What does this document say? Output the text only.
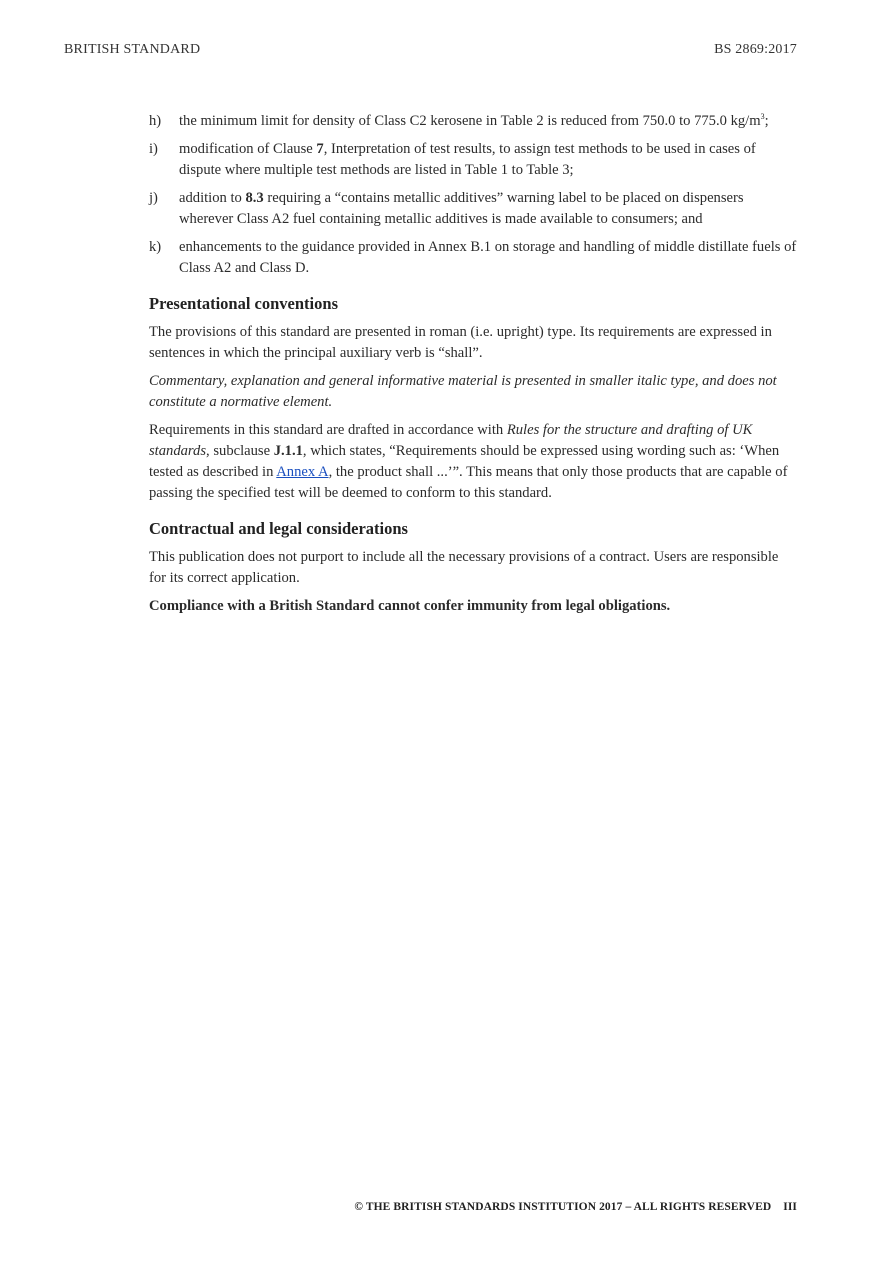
BRITISH STANDARD	BS 2869:2017
h)	the minimum limit for density of Class C2 kerosene in Table 2 is reduced from 750.0 to 775.0 $kg/m^3$;
i)	modification of Clause 7, Interpretation of test results, to assign test methods to be used in cases of dispute where multiple test methods are listed in Table 1 to Table 3;
j)	addition to 8.3 requiring a “contains metallic additives” warning label to be placed on dispensers wherever Class A2 fuel containing metallic additives is made available to consumers; and
k)	enhancements to the guidance provided in Annex B.1 on storage and handling of middle distillate fuels of Class A2 and Class D.
Presentational conventions

The provisions of this standard are presented in roman (i.e. upright) type. Its requirements are expressed in sentences in which the principal auxiliary verb is “shall”.

Commentary, explanation and general informative material is presented in smaller italic type, and does not constitute a normative element.

Requirements in this standard are drafted in accordance with Rules for the structure and drafting of UK standards, subclause J.1.1, which states, “Requirements should be expressed using wording such as: ‘When tested as described in Annex A, the product shall ...’”. This means that only those products that are capable of passing the specified test will be deemed to conform to this standard.

Contractual and legal considerations

This publication does not purport to include all the necessary provisions of a contract. Users are responsible for its correct application.

Compliance with a British Standard cannot confer immunity from legal obligations.

© THE BRITISH STANDARDS INSTITUTION 2017 – ALL RIGHTS RESERVED III
